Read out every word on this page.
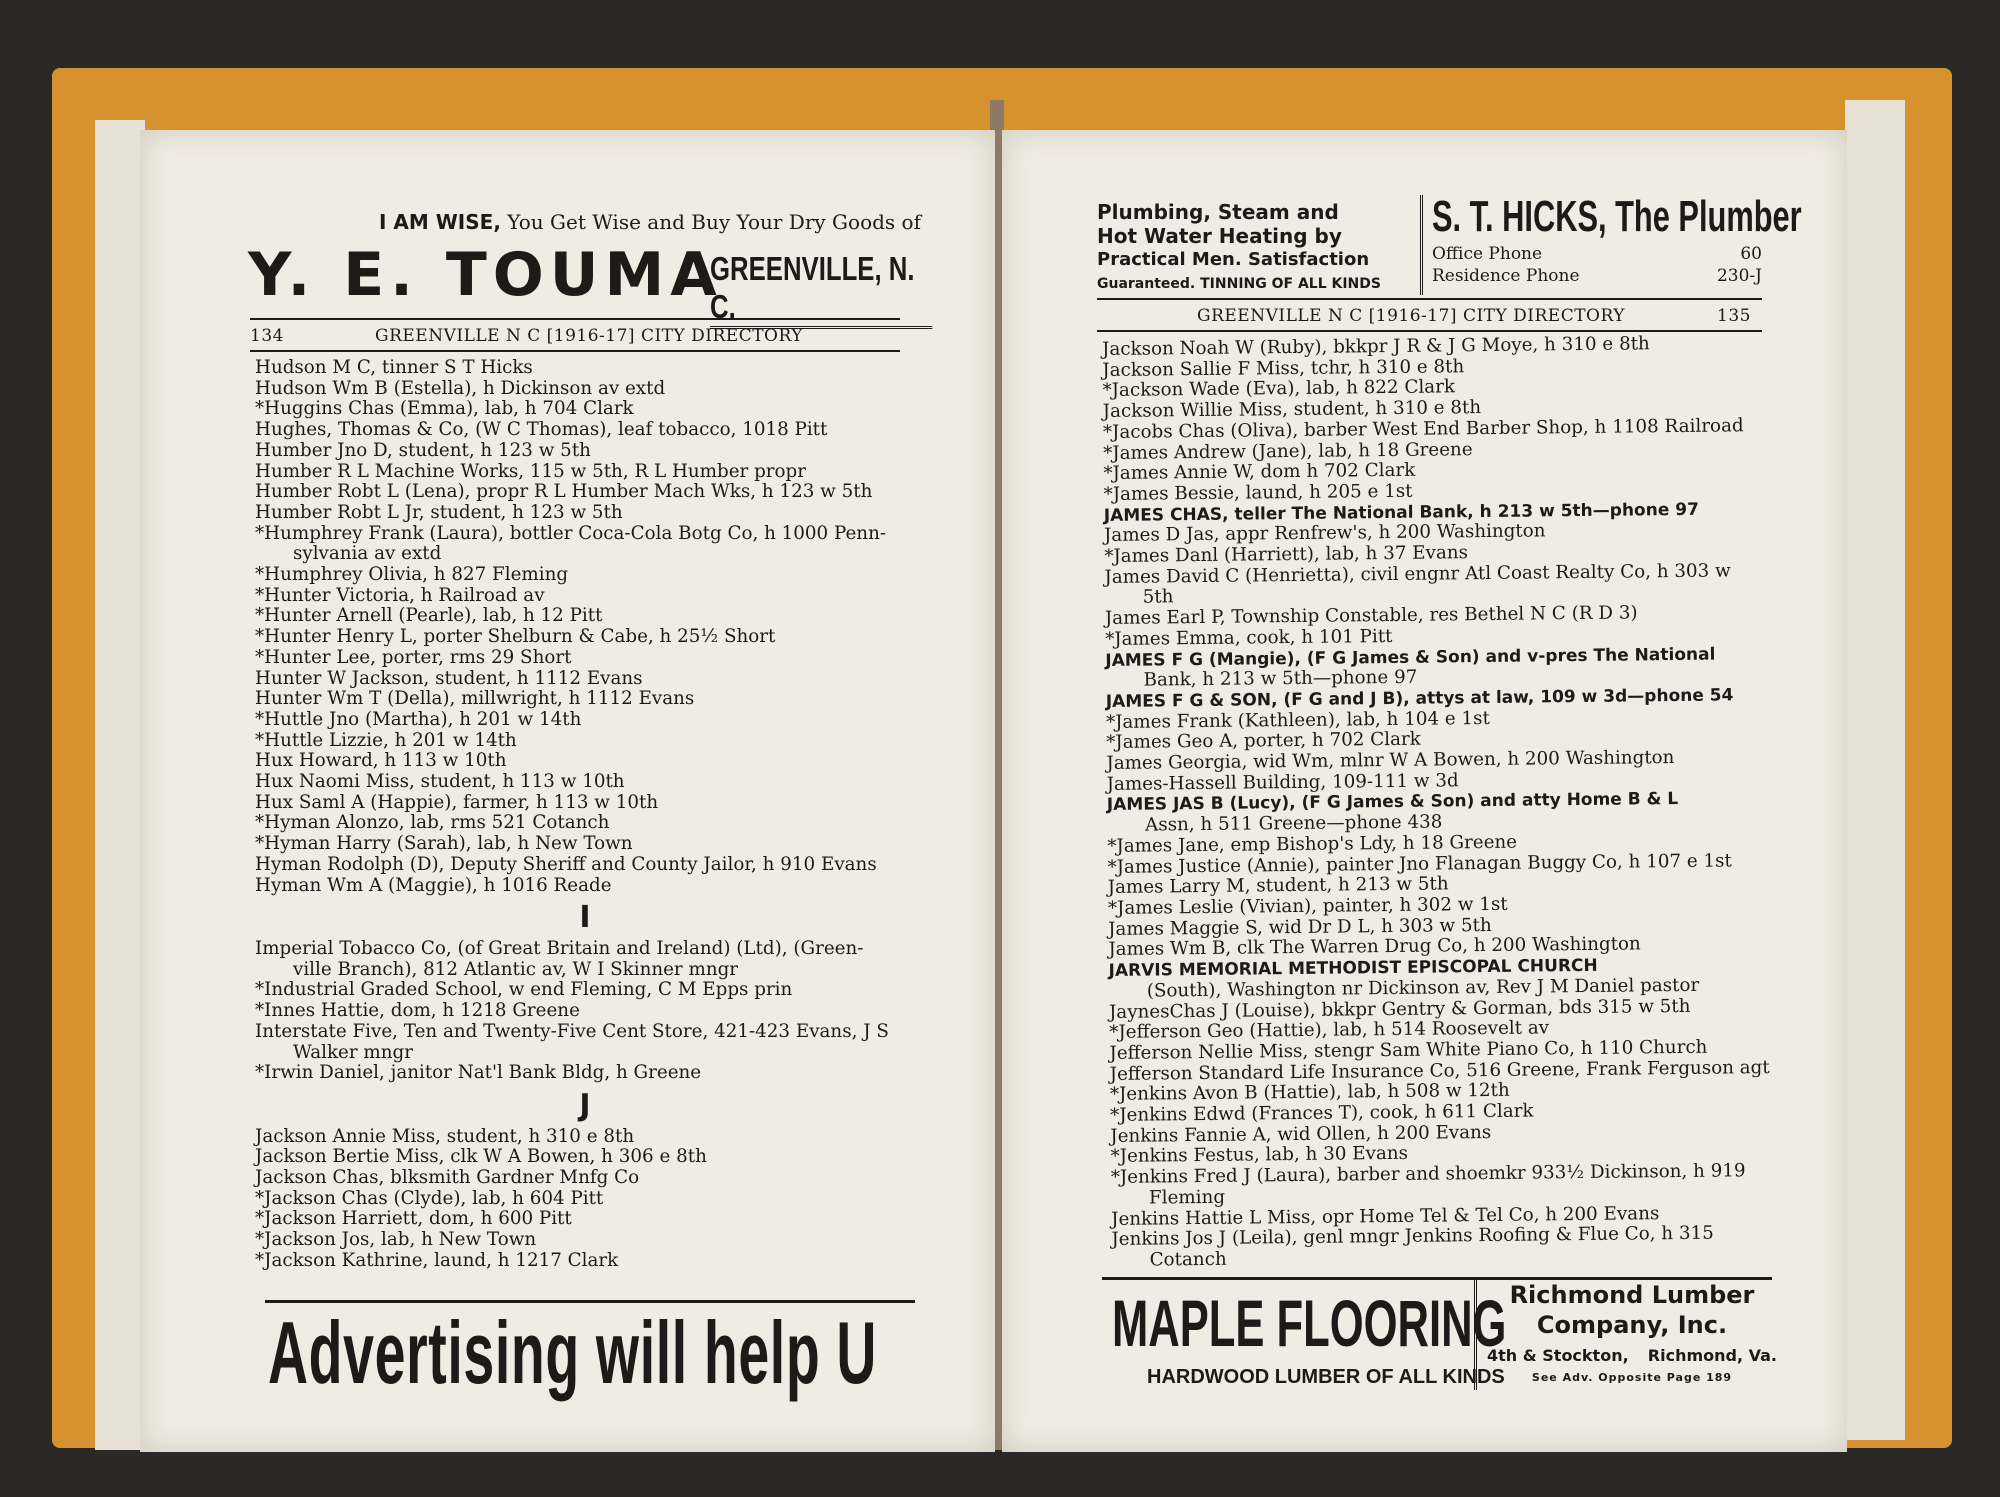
I AM WISE, You Get Wise and Buy Your Dry Goods of
Y. E. TOUMA
GREENVILLE, N. C.
134	GREENVILLE N C [1916-17] CITY DIRECTORY
Hudson M C, tinner S T Hicks
Hudson Wm B (Estella), h Dickinson av extd
*Huggins Chas (Emma), lab, h 704 Clark
Hughes, Thomas & Co, (W C Thomas), leaf tobacco, 1018 Pitt
Humber Jno D, student, h 123 w 5th
Humber R L Machine Works, 115 w 5th, R L Humber propr
Humber Robt L (Lena), propr R L Humber Mach Wks, h 123 w 5th
Humber Robt L Jr, student, h 123 w 5th
*Humphrey Frank (Laura), bottler Coca-Cola Botg Co, h 1000 Penn-
sylvania av extd
*Humphrey Olivia, h 827 Fleming
*Hunter Victoria, h Railroad av
*Hunter Arnell (Pearle), lab, h 12 Pitt
*Hunter Henry L, porter Shelburn & Cabe, h 25½ Short
*Hunter Lee, porter, rms 29 Short
Hunter W Jackson, student, h 1112 Evans
Hunter Wm T (Della), millwright, h 1112 Evans
*Huttle Jno (Martha), h 201 w 14th
*Huttle Lizzie, h 201 w 14th
Hux Howard, h 113 w 10th
Hux Naomi Miss, student, h 113 w 10th
Hux Saml A (Happie), farmer, h 113 w 10th
*Hyman Alonzo, lab, rms 521 Cotanch
*Hyman Harry (Sarah), lab, h New Town
Hyman Rodolph (D), Deputy Sheriff and County Jailor, h 910 Evans
Hyman Wm A (Maggie), h 1016 Reade
I
Imperial Tobacco Co, (of Great Britain and Ireland) (Ltd), (Green-
ville Branch), 812 Atlantic av, W I Skinner mngr
*Industrial Graded School, w end Fleming, C M Epps prin
*Innes Hattie, dom, h 1218 Greene
Interstate Five, Ten and Twenty-Five Cent Store, 421-423 Evans, J S
Walker mngr
*Irwin Daniel, janitor Nat'l Bank Bldg, h Greene
J
Jackson Annie Miss, student, h 310 e 8th
Jackson Bertie Miss, clk W A Bowen, h 306 e 8th
Jackson Chas, blksmith Gardner Mnfg Co
*Jackson Chas (Clyde), lab, h 604 Pitt
*Jackson Harriett, dom, h 600 Pitt
*Jackson Jos, lab, h New Town
*Jackson Kathrine, laund, h 1217 Clark
Advertising will help U
Plumbing, Steam and
Hot Water Heating by
Practical Men. Satisfaction
Guaranteed. TINNING OF ALL KINDS
S. T. HICKS, The Plumber
Office Phone	60
Residence Phone	230-J
GREENVILLE N C [1916-17] CITY DIRECTORY	135
Jackson Noah W (Ruby), bkkpr J R & J G Moye, h 310 e 8th
Jackson Sallie F Miss, tchr, h 310 e 8th
*Jackson Wade (Eva), lab, h 822 Clark
Jackson Willie Miss, student, h 310 e 8th
*Jacobs Chas (Oliva), barber West End Barber Shop, h 1108 Railroad
*James Andrew (Jane), lab, h 18 Greene
*James Annie W, dom h 702 Clark
*James Bessie, laund, h 205 e 1st
JAMES CHAS, teller The National Bank, h 213 w 5th—phone 97
James D Jas, appr Renfrew's, h 200 Washington
*James Danl (Harriett), lab, h 37 Evans
James David C (Henrietta), civil engnr Atl Coast Realty Co, h 303 w
5th
James Earl P, Township Constable, res Bethel N C (R D 3)
*James Emma, cook, h 101 Pitt
JAMES F G (Mangie), (F G James & Son) and v-pres The National
Bank, h 213 w 5th—phone 97
JAMES F G & SON, (F G and J B), attys at law, 109 w 3d—phone 54
*James Frank (Kathleen), lab, h 104 e 1st
*James Geo A, porter, h 702 Clark
James Georgia, wid Wm, mlnr W A Bowen, h 200 Washington
James-Hassell Building, 109-111 w 3d
JAMES JAS B (Lucy), (F G James & Son) and atty Home B & L
Assn, h 511 Greene—phone 438
*James Jane, emp Bishop's Ldy, h 18 Greene
*James Justice (Annie), painter Jno Flanagan Buggy Co, h 107 e 1st
James Larry M, student, h 213 w 5th
*James Leslie (Vivian), painter, h 302 w 1st
James Maggie S, wid Dr D L, h 303 w 5th
James Wm B, clk The Warren Drug Co, h 200 Washington
JARVIS MEMORIAL METHODIST EPISCOPAL CHURCH
(South), Washington nr Dickinson av, Rev J M Daniel pastor
JaynesChas J (Louise), bkkpr Gentry & Gorman, bds 315 w 5th
*Jefferson Geo (Hattie), lab, h 514 Roosevelt av
Jefferson Nellie Miss, stengr Sam White Piano Co, h 110 Church
Jefferson Standard Life Insurance Co, 516 Greene, Frank Ferguson agt
*Jenkins Avon B (Hattie), lab, h 508 w 12th
*Jenkins Edwd (Frances T), cook, h 611 Clark
Jenkins Fannie A, wid Ollen, h 200 Evans
*Jenkins Festus, lab, h 30 Evans
*Jenkins Fred J (Laura), barber and shoemkr 933½ Dickinson, h 919
Fleming
Jenkins Hattie L Miss, opr Home Tel & Tel Co, h 200 Evans
Jenkins Jos J (Leila), genl mngr Jenkins Roofing & Flue Co, h 315
Cotanch
MAPLE FLOORING
HARDWOOD LUMBER OF ALL KINDS
Richmond Lumber
Company, Inc.
4th & Stockton, Richmond, Va.
See Adv. Opposite Page 189
